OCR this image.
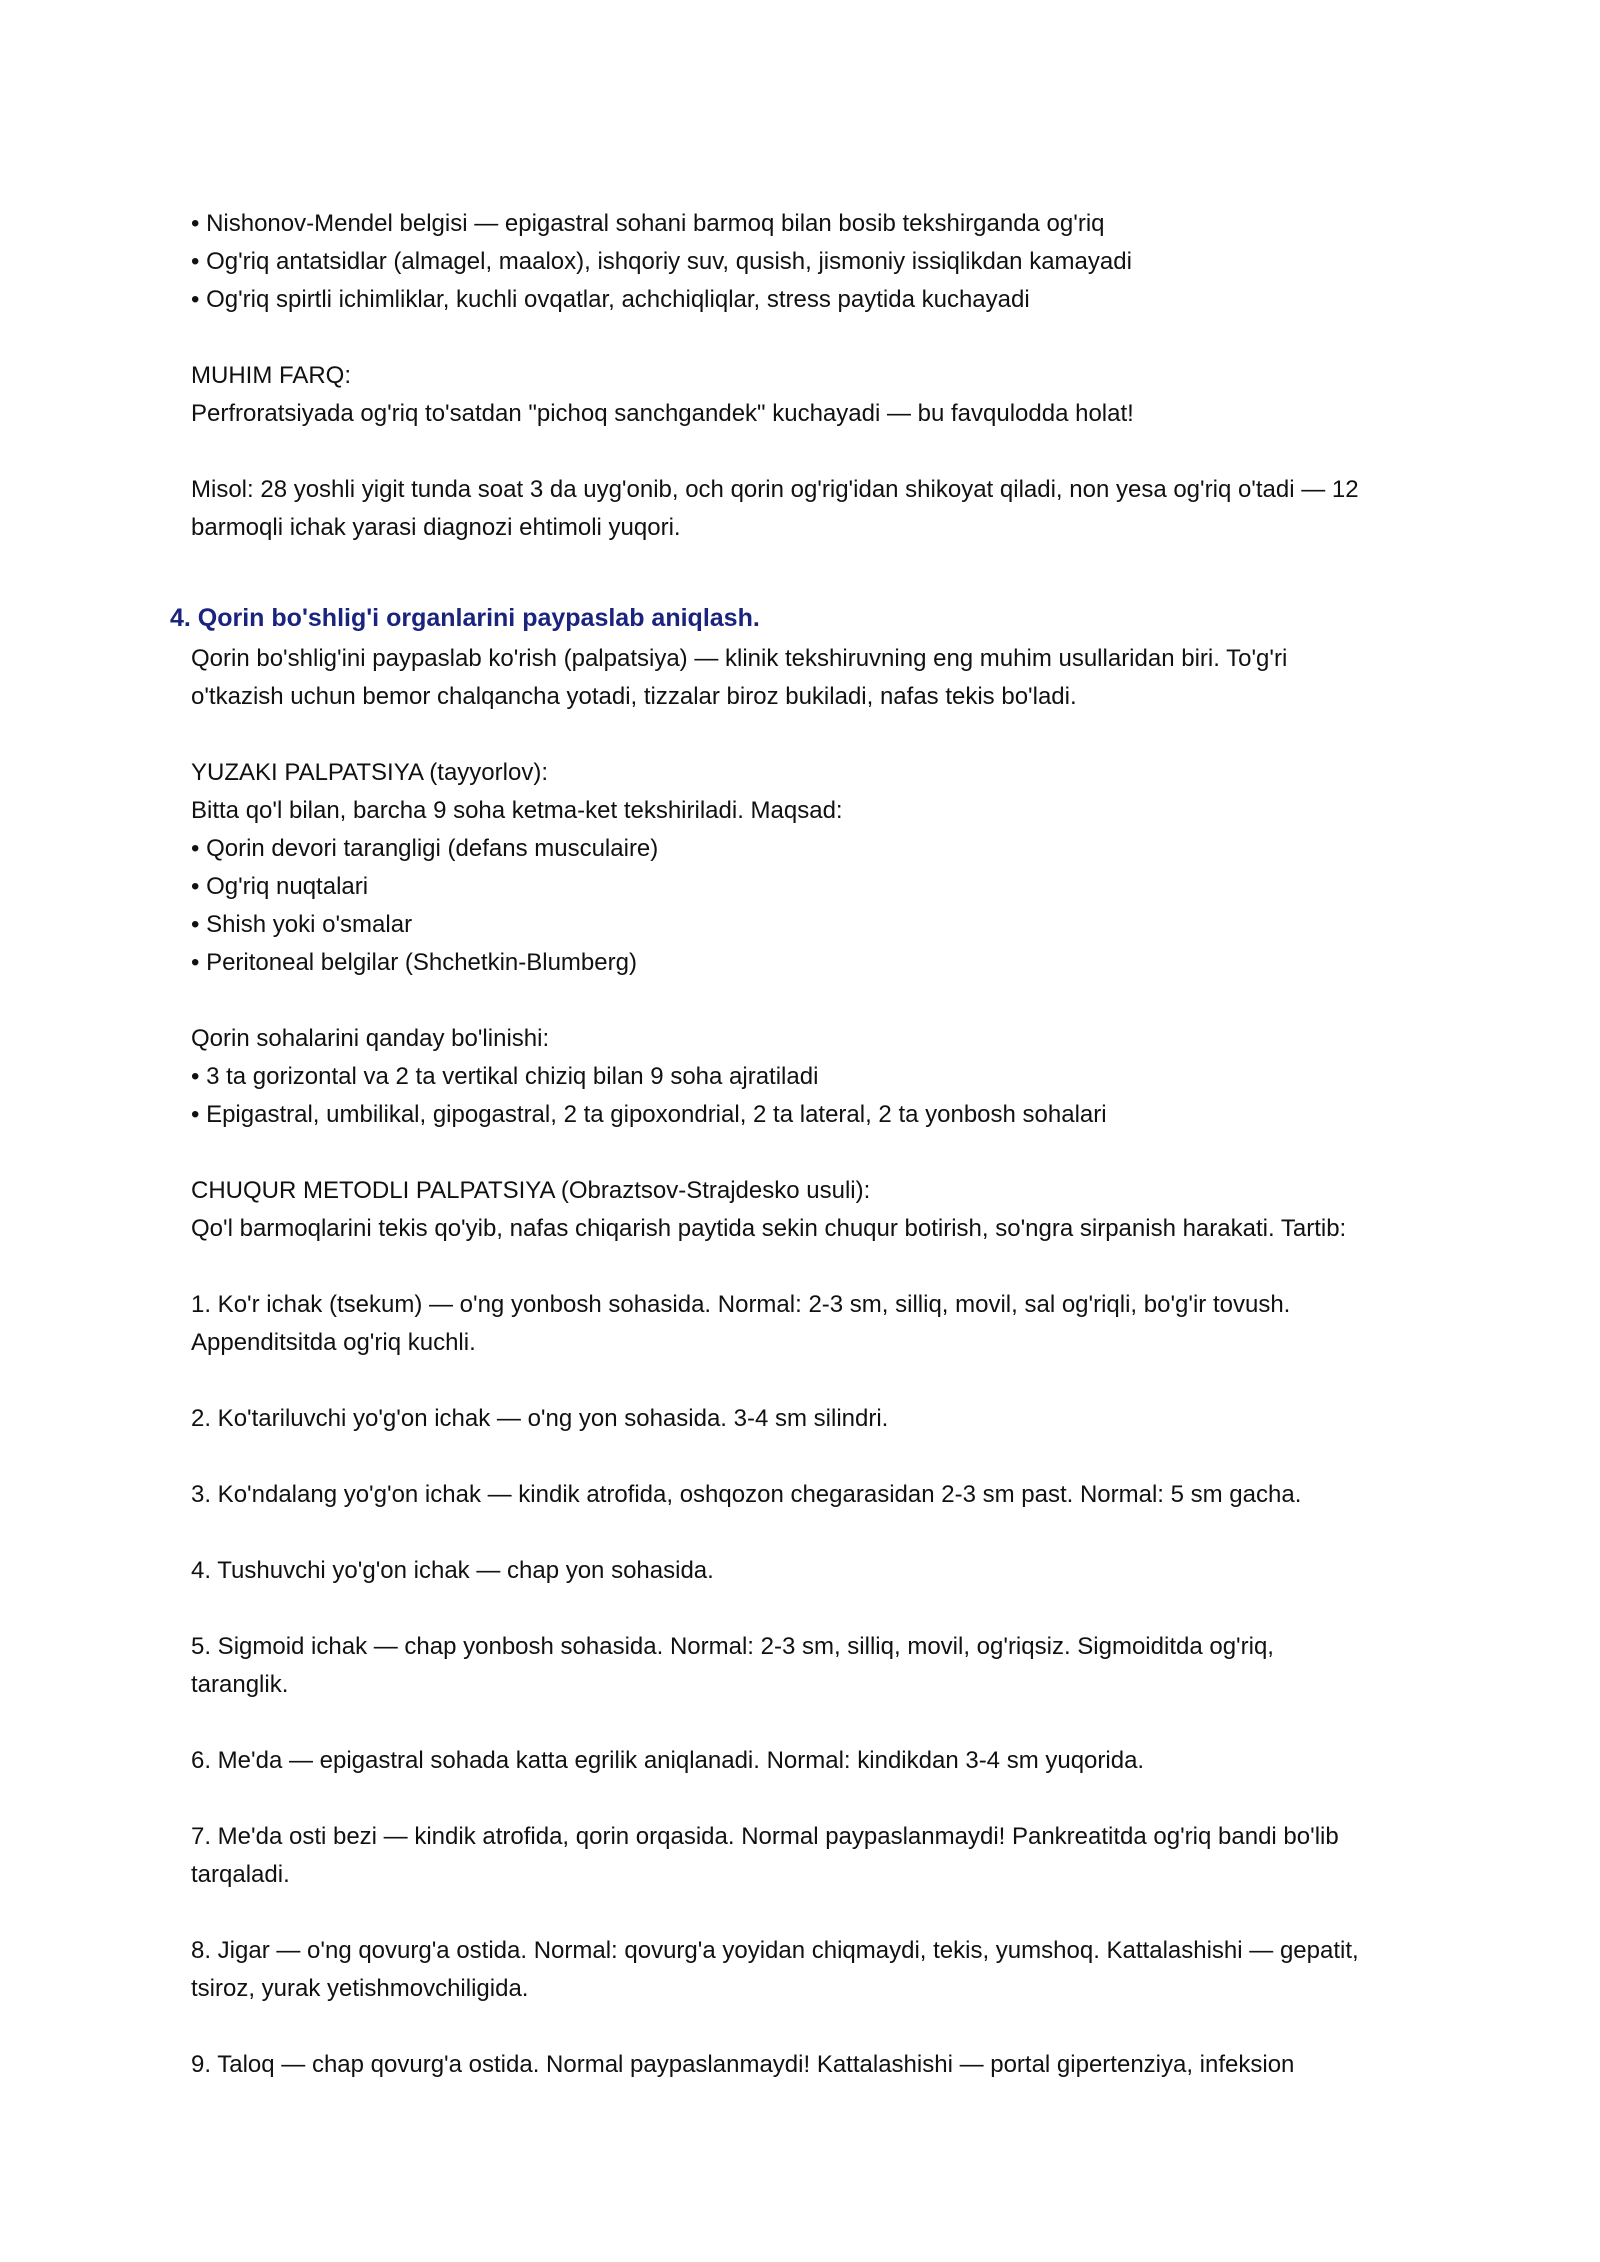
• Nishonov-Mendel belgisi — epigastral sohani barmoq bilan bosib tekshirganda og'riq
• Og'riq antatsidlar (almagel, maalox), ishqoriy suv, qusish, jismoniy issiqlikdan kamayadi
• Og'riq spirtli ichimliklar, kuchli ovqatlar, achchiqliqlar, stress paytida kuchayadi
MUHIM FARQ:
Perfroratsiyada og'riq to'satdan "pichoq sanchgandek" kuchayadi — bu favqulodda holat!
Misol: 28 yoshli yigit tunda soat 3 da uyg'onib, och qorin og'rig'idan shikoyat qiladi, non yesa og'riq o'tadi — 12
barmoqli ichak yarasi diagnozi ehtimoli yuqori.
4. Qorin bo'shlig'i organlarini paypaslab aniqlash.
Qorin bo'shlig'ini paypaslab ko'rish (palpatsiya) — klinik tekshiruvning eng muhim usullaridan biri. To'g'ri
o'tkazish uchun bemor chalqancha yotadi, tizzalar biroz bukiladi, nafas tekis bo'ladi.
YUZAKI PALPATSIYA (tayyorlov):
Bitta qo'l bilan, barcha 9 soha ketma-ket tekshiriladi. Maqsad:
• Qorin devori tarangligi (defans musculaire)
• Og'riq nuqtalari
• Shish yoki o'smalar
• Peritoneal belgilar (Shchetkin-Blumberg)
Qorin sohalarini qanday bo'linishi:
• 3 ta gorizontal va 2 ta vertikal chiziq bilan 9 soha ajratiladi
• Epigastral, umbilikal, gipogastral, 2 ta gipoxondrial, 2 ta lateral, 2 ta yonbosh sohalari
CHUQUR METODLI PALPATSIYA (Obraztsov-Strajdesko usuli):
Qo'l barmoqlarini tekis qo'yib, nafas chiqarish paytida sekin chuqur botirish, so'ngra sirpanish harakati. Tartib:
1. Ko'r ichak (tsekum) — o'ng yonbosh sohasida. Normal: 2-3 sm, silliq, movil, sal og'riqli, bo'g'ir tovush.
Appenditsitda og'riq kuchli.
2. Ko'tariluvchi yo'g'on ichak — o'ng yon sohasida. 3-4 sm silindri.
3. Ko'ndalang yo'g'on ichak — kindik atrofida, oshqozon chegarasidan 2-3 sm past. Normal: 5 sm gacha.
4. Tushuvchi yo'g'on ichak — chap yon sohasida.
5. Sigmoid ichak — chap yonbosh sohasida. Normal: 2-3 sm, silliq, movil, og'riqsiz. Sigmoiditda og'riq,
taranglik.
6. Me'da — epigastral sohada katta egrilik aniqlanadi. Normal: kindikdan 3-4 sm yuqorida.
7. Me'da osti bezi — kindik atrofida, qorin orqasida. Normal paypaslanmaydi! Pankreatitda og'riq bandi bo'lib
tarqaladi.
8. Jigar — o'ng qovurg'a ostida. Normal: qovurg'a yoyidan chiqmaydi, tekis, yumshoq. Kattalashishi — gepatit,
tsiroz, yurak yetishmovchiligida.
9. Taloq — chap qovurg'a ostida. Normal paypaslanmaydi! Kattalashishi — portal gipertenziya, infeksion
